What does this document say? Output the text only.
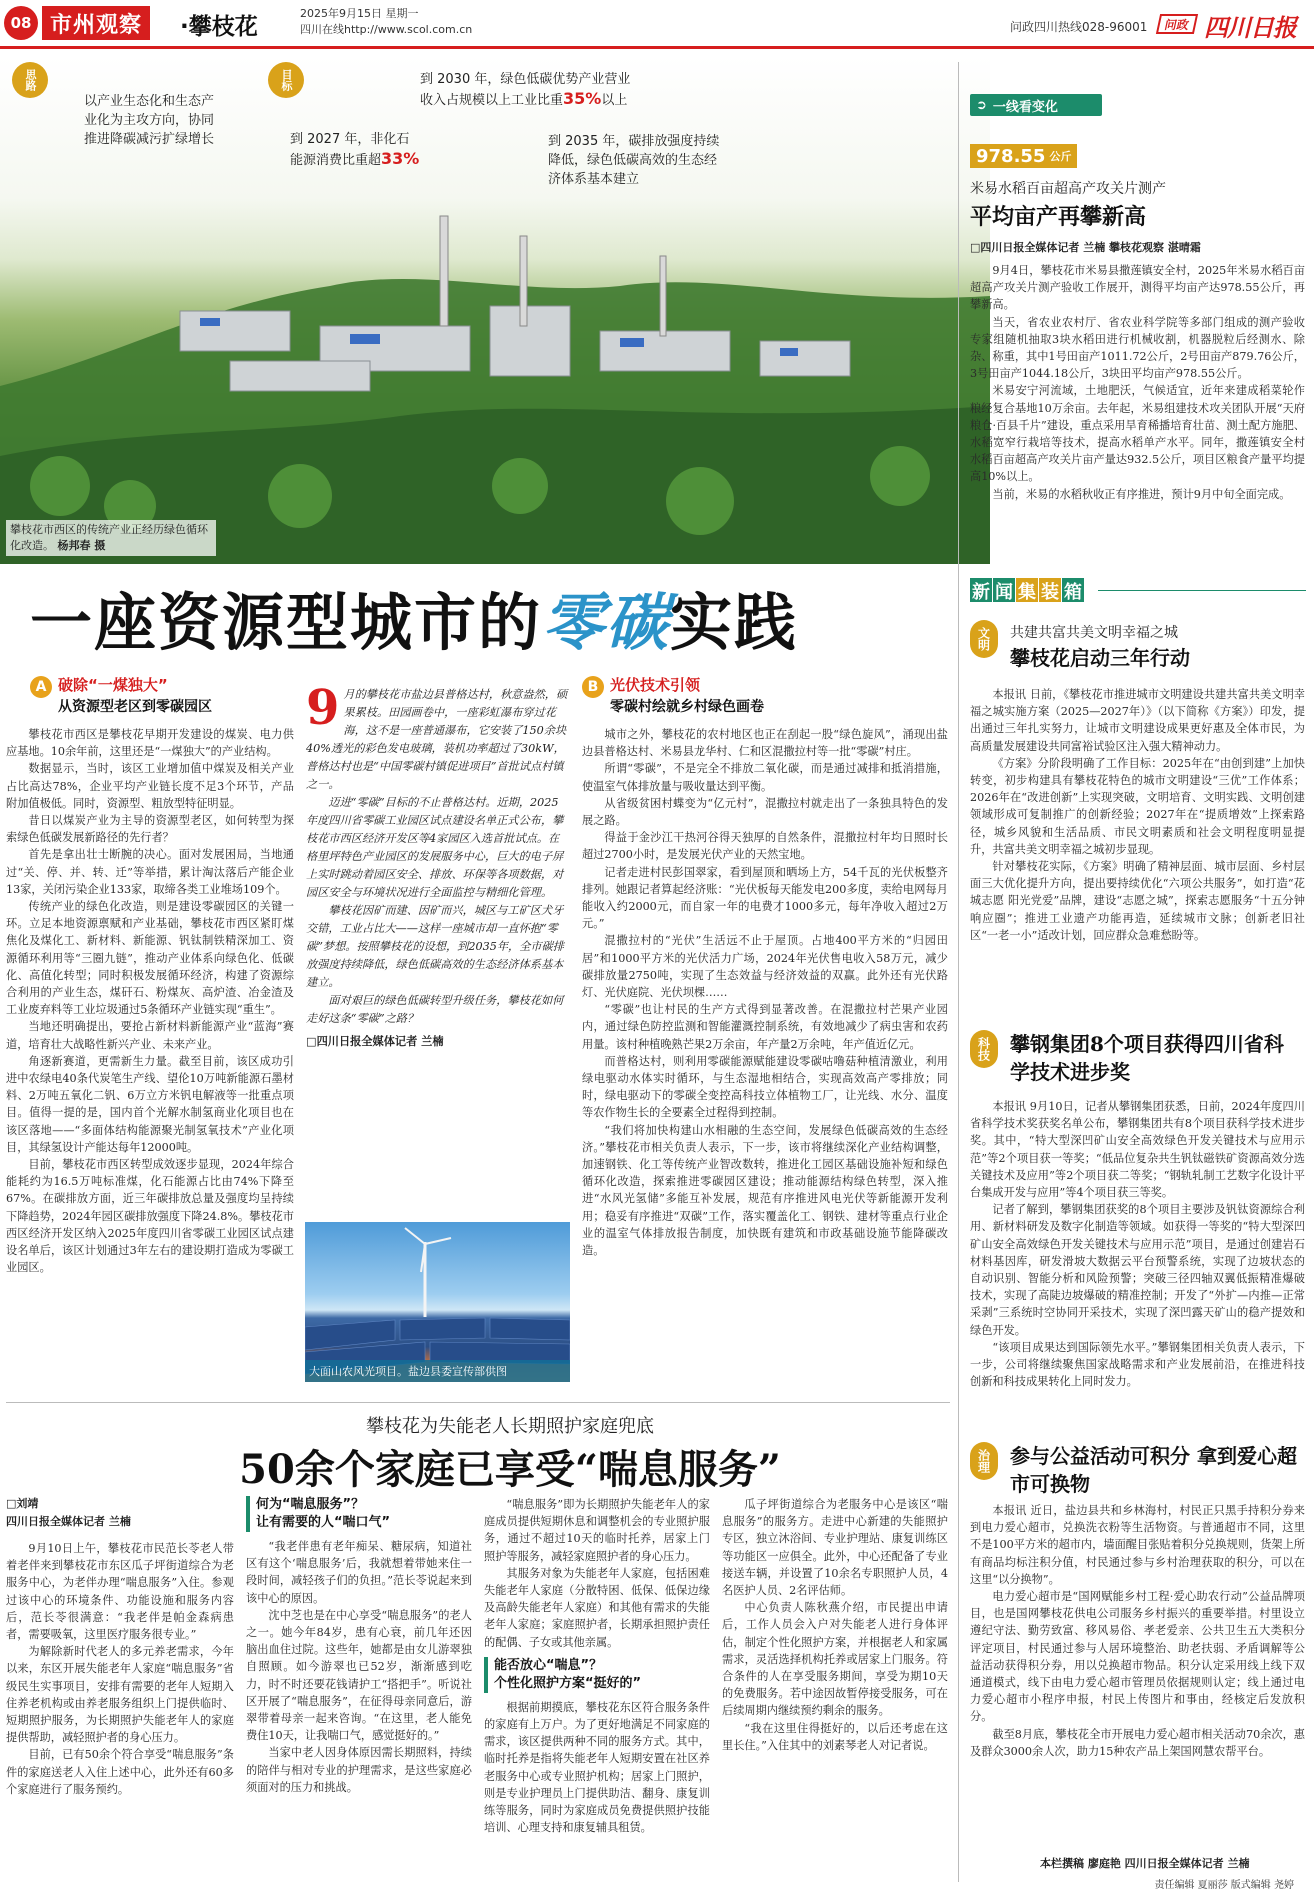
08 市州观察	·攀枝花
2025年9月15日 星期一
四川在线http://www.scol.com.cn	问政四川热线028-96001	问政 四川日报
思路
以产业生态化和生态产业化为主攻方向，协同推进降碳减污扩绿增长
目标
到 2027 年，非化石能源消费比重超33%
到 2030 年，绿色低碳优势产业营业收入占规模以上工业比重35%以上
到 2035 年，碳排放强度持续降低，绿色低碳高效的生态经济体系基本建立
攀枝花市西区的传统产业正经历绿色循环化改造。 杨邦春 摄
➲ 一线看变化
978.55 公斤
米易水稻百亩超高产攻关片测产
平均亩产再攀新高
□四川日报全媒体记者 兰楠 攀枝花观察 湛晴霜

9月4日，攀枝花市米易县撒莲镇安全村，2025年米易水稻百亩超高产攻关片测产验收工作展开，测得平均亩产达978.55公斤，再攀新高。

当天，省农业农村厅、省农业科学院等多部门组成的测产验收专家组随机抽取3块水稻田进行机械收割，机器脱粒后经测水、除杂、称重，其中1号田亩产1011.72公斤，2号田亩产879.76公斤，3号田亩产1044.18公斤，3块田平均亩产978.55公斤。

米易安宁河流域，土地肥沃，气候适宜，近年来建成稻菜轮作粮经复合基地10万余亩。去年起，米易组建技术攻关团队开展“天府粮仓·百县千片”建设，重点采用旱育稀播培育壮苗、测土配方施肥、水稻宽窄行栽培等技术，提高水稻单产水平。同年，撒莲镇安全村水稻百亩超高产攻关片亩产量达932.5公斤，项目区粮食产量平均提高10%以上。

当前，米易的水稻秋收正有序推进，预计9月中旬全面完成。

新 闻 集 装 箱
文明	共建共富共美文明幸福之城
攀枝花启动三年行动

本报讯 日前，《攀枝花市推进城市文明建设共建共富共美文明幸福之城实施方案（2025—2027年）》（以下简称《方案》）印发，提出通过三年扎实努力，让城市文明建设成果更好惠及全体市民，为高质量发展建设共同富裕试验区注入强大精神动力。

《方案》分阶段明确了工作目标：2025年在“由创到建”上加快转变，初步构建具有攀枝花特色的城市文明建设“三优”工作体系；2026年在“改进创新”上实现突破，文明培育、文明实践、文明创建领域形成可复制推广的创新经验；2027年在“提质增效”上探索路径，城乡风貌和生活品质、市民文明素质和社会文明程度明显提升，共富共美文明幸福之城初步显现。

针对攀枝花实际，《方案》明确了精神层面、城市层面、乡村层面三大优化提升方向，提出要持续优化“六项公共服务”，如打造“花城志愿 阳光党爱”品牌，建设“志愿之城”，探索志愿服务“十五分钟响应圈”；推进工业遗产功能再造，延续城市文脉；创新老旧社区“一老一小”适改计划，回应群众急难愁盼等。

科技 攀钢集团8个项目获得四川省科学技术进步奖

本报讯 9月10日，记者从攀钢集团获悉，日前，2024年度四川省科学技术奖获奖名单公布，攀钢集团共有8个项目获科学技术进步奖。其中，“特大型深凹矿山安全高效绿色开发关键技术与应用示范”等2个项目获一等奖；“低品位复杂共生钒钛磁铁矿资源高效分选关键技术及应用”等2个项目获二等奖；“钢轨轧制工艺数字化设计平台集成开发与应用”等4个项目获三等奖。

记者了解到，攀钢集团获奖的8个项目主要涉及钒钛资源综合利用、新材料研发及数字化制造等领域。如获得一等奖的“特大型深凹矿山安全高效绿色开发关键技术与应用示范”项目，是通过创建岩石材料基因库，研发滑坡大数据云平台预警系统，实现了边坡状态的自动识别、智能分析和风险预警；突破三径四轴双翼低振精准爆破技术，实现了高陡边坡爆破的精准控制；开发了“外扩—内推—正常采剥”三系统时空协同开采技术，实现了深凹露天矿山的稳产提效和绿色开发。

“该项目成果达到国际领先水平。”攀钢集团相关负责人表示，下一步，公司将继续聚焦国家战略需求和产业发展前沿，在推进科技创新和科技成果转化上同时发力。

治理 参与公益活动可积分 拿到爱心超市可换物

本报讯 近日，盐边县共和乡林海村，村民正只黑手持积分券来到电力爱心超市，兑换洗衣粉等生活物资。与普通超市不同，这里不是100平方米的超市内，墙面醒目张贴着积分兑换规则，货架上所有商品均标注积分值，村民通过参与乡村治理获取的积分，可以在这里“以分换物”。

电力爱心超市是“国网赋能乡村工程·爱心助农行动”公益品牌项目，也是国网攀枝花供电公司服务乡村振兴的重要举措。村里设立遵纪守法、勤劳致富、移风易俗、孝老爱亲、公共卫生五大类积分评定项目，村民通过参与人居环境整治、助老扶弱、矛盾调解等公益活动获得积分券，用以兑换超市物品。积分认定采用线上线下双通道模式，线下由电力爱心超市管理员依据规则认定；线上通过电力爱心超市小程序申报，村民上传图片和事由，经核定后发放积分。

截至8月底，攀枝花全市开展电力爱心超市相关活动70余次，惠及群众3000余人次，助力15种农产品上架国网慧农帮平台。

本栏撰稿 廖庭艳 四川日报全媒体记者 兰楠
一座资源型城市的零碳实践
A 破除“一煤独大”
从资源型老区到零碳园区

攀枝花市西区是攀枝花早期开发建设的煤炭、电力供应基地。10余年前，这里还是“一煤独大”的产业结构。

数据显示，当时，该区工业增加值中煤炭及相关产业占比高达78%，企业平均产业链长度不足3个环节，产品附加值极低。同时，资源型、粗放型特征明显。

昔日以煤炭产业为主导的资源型老区，如何转型为探索绿色低碳发展新路径的先行者？

首先是拿出壮士断腕的决心。面对发展困局，当地通过“关、停、并、转、迁”等举措，累计淘汰落后产能企业13家，关闭污染企业133家，取缔各类工业堆场109个。

传统产业的绿色化改造，则是建设零碳园区的关键一环。立足本地资源禀赋和产业基础，攀枝花市西区紧盯煤焦化及煤化工、新材料、新能源、钒钛制铁精深加工、资源循环利用等“三圈九链”，推动产业体系向绿色化、低碳化、高值化转型；同时积极发展循环经济，构建了资源综合利用的产业生态，煤矸石、粉煤灰、高炉渣、冶金渣及工业废弃料等工业垃圾通过5条循环产业链实现“重生”。

当地还明确提出，要抢占新材料新能源产业“蓝海”赛道，培育壮大战略性新兴产业、未来产业。

角逐新赛道，更需新生力量。截至目前，该区成功引进中农绿电40条代炭笔生产线、望伦10万吨新能源石墨材料、2万吨五氧化二钒、6万立方米钒电解液等一批重点项目。值得一提的是，国内首个光解水制氢商业化项目也在该区落地——“多面体结构能源聚光制氢氧技术”产业化项目，其绿氢设计产能达每年12000吨。

目前，攀枝花市西区转型成效逐步显现，2024年综合能耗约为16.5万吨标准煤，化石能源占比由74%下降至67%。在碳排放方面，近三年碳排放总量及强度均呈持续下降趋势，2024年园区碳排放强度下降24.8%。攀枝花市西区经济开发区纳入2025年度四川省零碳工业园区试点建设名单后，该区计划通过3年左右的建设期打造成为零碳工业园区。

9 月的攀枝花市盐边县普格达村，秋意盎然，硕果累枝。田园画卷中，一座彩虹瀑布穿过花海，这不是一座普通瀑布，它安装了150余块40%透光的彩色发电玻璃，装机功率超过了30kW，普格达村也是“中国零碳村镇促进项目”首批试点村镇之一。

迈进“零碳”目标的不止普格达村。近期，2025年度四川省零碳工业园区试点建设名单正式公布，攀枝花市西区经济开发区等4家园区入选首批试点。在格里坪特色产业园区的发展服务中心，巨大的电子屏上实时跳动着园区安全、排放、环保等各项数据，对园区安全与环境状况进行全面监控与精细化管理。

攀枝花因矿而建、因矿而兴，城区与工矿区犬牙交错，工业占比大——这样一座城市却一直怀抱“零碳”梦想。按照攀枝花的设想，到2035年，全市碳排放强度持续降低，绿色低碳高效的生态经济体系基本建立。

面对艰巨的绿色低碳转型升级任务，攀枝花如何走好这条“零碳”之路？

□四川日报全媒体记者 兰楠

大面山农风光项目。盐边县委宣传部供图
B 光伏技术引领
零碳村绘就乡村绿色画卷

城市之外，攀枝花的农村地区也正在刮起一股“绿色旋风”，涌现出盐边县普格达村、米易县龙华村、仁和区混撒拉村等一批“零碳”村庄。

所谓“零碳”，不是完全不排放二氧化碳，而是通过减排和抵消措施，使温室气体排放量与吸收量达到平衡。

从省级贫困村蝶变为“亿元村”，混撒拉村就走出了一条独具特色的发展之路。

得益于金沙江干热河谷得天独厚的自然条件，混撒拉村年均日照时长超过2700小时，是发展光伏产业的天然宝地。

记者走进村民彭国翠家，看到屋顶和晒场上方，54千瓦的光伏板整齐排列。她跟记者算起经济账：“光伏板每天能发电200多度，卖给电网每月能收入约2000元，而自家一年的电费才1000多元，每年净收入超过2万元。”

混撒拉村的“光伏”生活远不止于屋顶。占地400平方米的“归园田居”和1000平方米的光伏活力广场，2024年光伏售电收入58万元，减少碳排放量2750吨，实现了生态效益与经济效益的双赢。此外还有光伏路灯、光伏庭院、光伏坝棵……

“零碳”也让村民的生产方式得到显著改善。在混撒拉村芒果产业园内，通过绿色防控监测和智能灌溉控制系统，有效地减少了病虫害和农药用量。该村种植晚熟芒果2万余亩，年产量2万余吨，年产值近亿元。

而普格达村，则利用零碳能源赋能建设零碳咕噜菇种植清激业，利用绿电驱动水体实时循环，与生态湿地相结合，实现高效高产零排放；同时，绿电驱动下的零碳全变控高科技立体植物工厂，让光线、水分、温度等农作物生长的全要素全过程得到控制。

“我们将加快构建山水相融的生态空间，发展绿色低碳高效的生态经济。”攀枝花市相关负责人表示，下一步，该市将继续深化产业结构调整，加速钢铁、化工等传统产业智改数转，推进化工园区基础设施补短和绿色循环化改造，探索推进零碳园区建设；推动能源结构绿色转型，深入推进“水风光氢储”多能互补发展，规范有序推进风电光伏等新能源开发利用；稳妥有序推进“双碳”工作，落实覆盖化工、钢铁、建材等重点行业企业的温室气体排放报告制度，加快既有建筑和市政基础设施节能降碳改造。

攀枝花为失能老人长期照护家庭兜底
50余个家庭已享受“喘息服务”
□刘靖
四川日报全媒体记者 兰楠

9月10日上午，攀枝花市民范长苓老人带着老伴来到攀枝花市东区瓜子坪街道综合为老服务中心，为老伴办理“喘息服务”入住。参观过该中心的环境条件、功能设施和服务内容后，范长苓很满意：“我老伴是帕金森病患者，需要吸氧，这里医疗服务很专业。”

为解除新时代老人的多元养老需求，今年以来，东区开展失能老年人家庭“喘息服务”省级民生实事项目，安排有需要的老年人短期入住养老机构或由养老服务组织上门提供临时、短期照护服务，为长期照护失能老年人的家庭提供帮助，减轻照护者的身心压力。

目前，已有50余个符合享受“喘息服务”条件的家庭送老人入住上述中心，此外还有60多个家庭进行了服务预约。

何为“喘息服务”？
让有需要的人“喘口气”

“我老伴患有老年痴呆、糖尿病，知道社区有这个‘喘息服务’后，我就想着带她来住一段时间，减轻孩子们的负担。”范长苓说起来到该中心的原因。

沈中芝也是在中心享受“喘息服务”的老人之一。她今年84岁，患有心衰，前几年还因脑出血住过院。这些年，她都是由女儿游翠独自照顾。如今游翠也已52岁，渐渐感到吃力，时不时还要花钱请护工“搭把手”。听说社区开展了“喘息服务”，在征得母亲同意后，游翠带着母亲一起来咨询。“在这里，老人能免费住10天，让我喘口气，感觉挺好的。”

当家中老人因身体原因需长期照料，持续的陪伴与相对专业的护理需求，是这些家庭必须面对的压力和挑战。

“喘息服务”即为长期照护失能老年人的家庭成员提供短期休息和调整机会的专业照护服务，通过不超过10天的临时托养，居家上门照护等服务，减轻家庭照护者的身心压力。

其服务对象为失能老年人家庭，包括困难失能老年人家庭（分散特困、低保、低保边缘及高龄失能老年人家庭）和其他有需求的失能老年人家庭；家庭照护者，长期承担照护责任的配偶、子女或其他亲属。

能否放心“喘息”？
个性化照护方案“挺好的”

根据前期摸底，攀枝花东区符合服务条件的家庭有上万户。为了更好地满足不同家庭的需求，该区提供两种不同的服务方式。其中，临时托养是指将失能老年人短期安置在社区养老服务中心或专业照护机构；居家上门照护，则是专业护理员上门提供助洁、翻身、康复训练等服务，同时为家庭成员免费提供照护技能培训、心理支持和康复辅具租赁。

瓜子坪街道综合为老服务中心是该区“喘息服务”的服务方。走进中心新建的失能照护专区，独立沐浴间、专业护理站、康复训练区等功能区一应俱全。此外，中心还配备了专业接送车辆，并设置了10余名专职照护人员，4名医护人员、2名评估师。

中心负责人陈秋燕介绍，市民提出申请后，工作人员会入户对失能老人进行身体评估，制定个性化照护方案，并根据老人和家属需求，灵活选择机构托养或居家上门服务。符合条件的人在享受服务期间，享受为期10天的免费服务。若中途因故暂停接受服务，可在后续周期内继续预约剩余的服务。

“我在这里住得挺好的，以后还考虑在这里长住。”入住其中的刘素琴老人对记者说。

责任编辑 夏丽莎 版式编辑 尧婷
